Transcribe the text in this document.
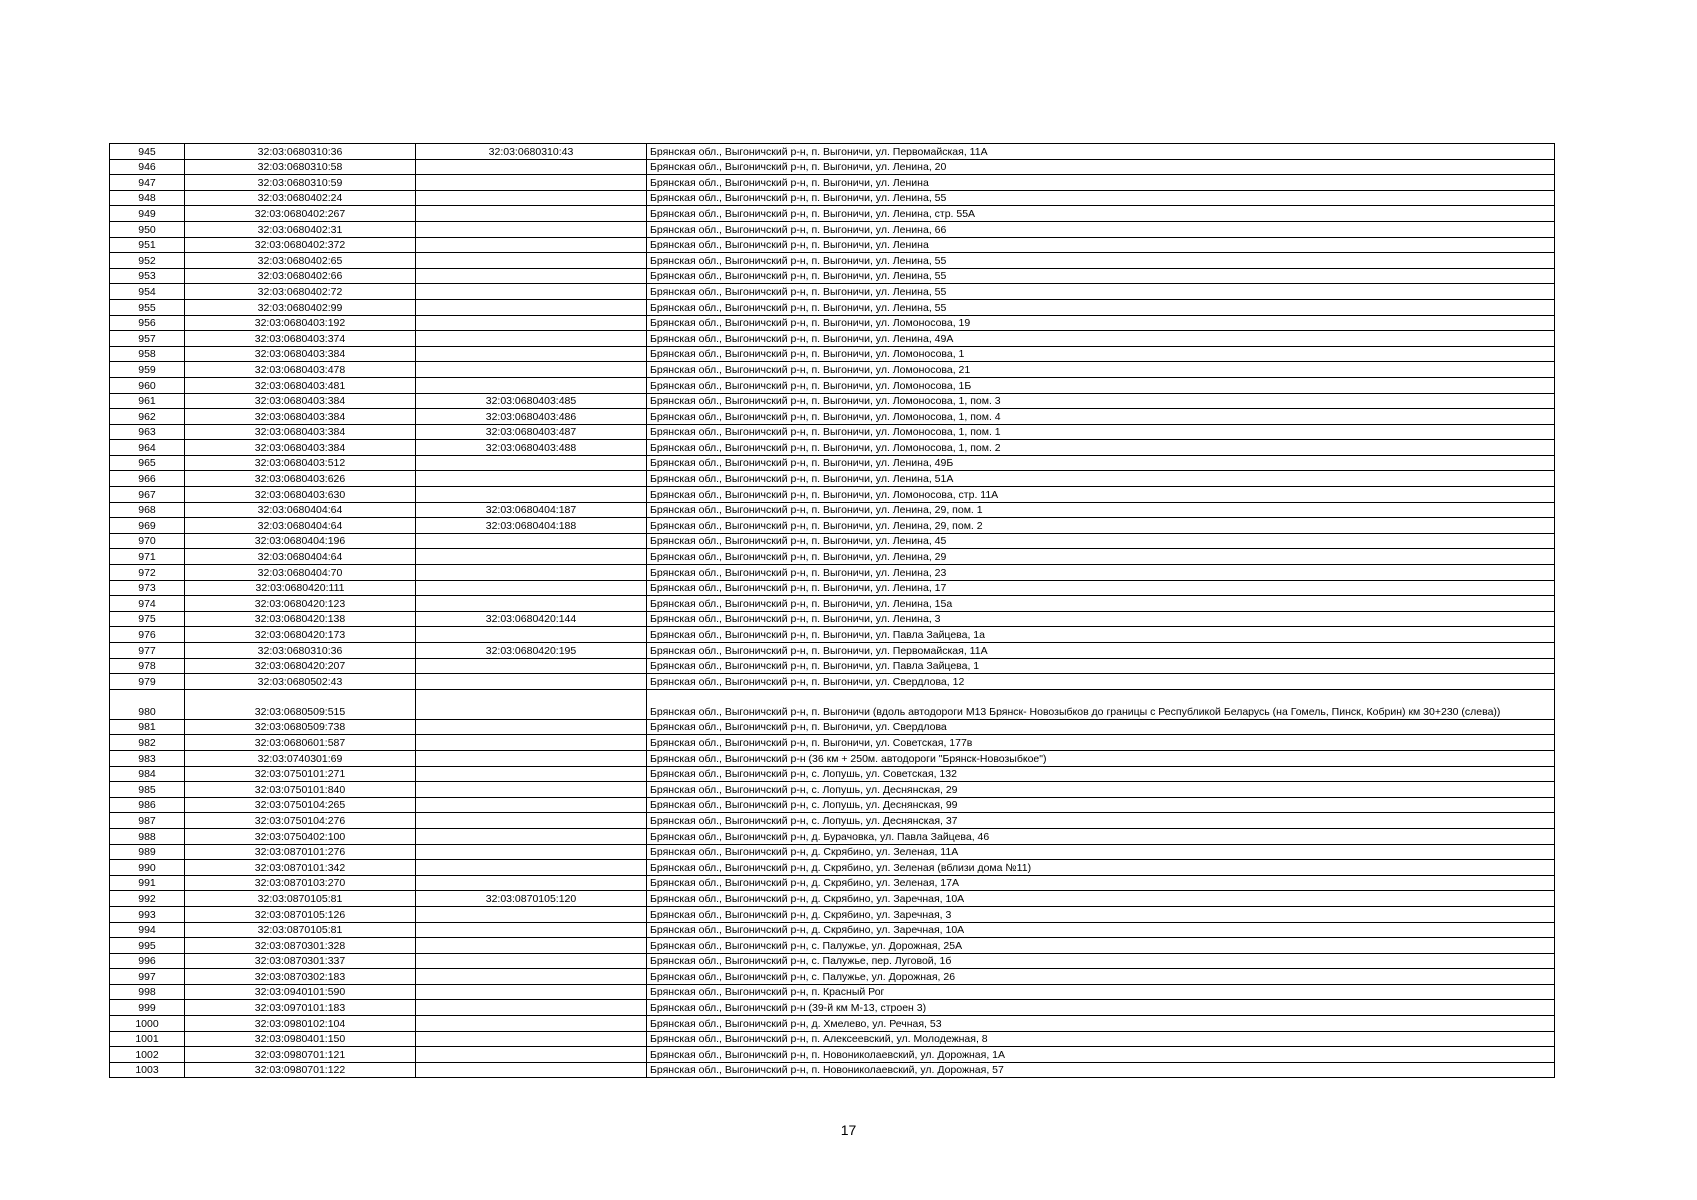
945	32:03:0680310:36	32:03:0680310:43	Брянская обл., Выгоничский р-н, п. Выгоничи, ул. Первомайская, 11А
946	32:03:0680310:58		Брянская обл., Выгоничский р-н, п. Выгоничи, ул. Ленина, 20
947	32:03:0680310:59		Брянская обл., Выгоничский р-н, п. Выгоничи, ул. Ленина
948	32:03:0680402:24		Брянская обл., Выгоничский р-н, п. Выгоничи, ул. Ленина, 55
949	32:03:0680402:267		Брянская обл., Выгоничский р-н, п. Выгоничи, ул. Ленина, стр. 55А
950	32:03:0680402:31		Брянская обл., Выгоничский р-н, п. Выгоничи, ул. Ленина, 66
951	32:03:0680402:372		Брянская обл., Выгоничский р-н, п. Выгоничи, ул. Ленина
952	32:03:0680402:65		Брянская обл., Выгоничский р-н, п. Выгоничи, ул. Ленина, 55
953	32:03:0680402:66		Брянская обл., Выгоничский р-н, п. Выгоничи, ул. Ленина, 55
954	32:03:0680402:72		Брянская обл., Выгоничский р-н, п. Выгоничи, ул. Ленина, 55
955	32:03:0680402:99		Брянская обл., Выгоничский р-н, п. Выгоничи, ул. Ленина, 55
956	32:03:0680403:192		Брянская обл., Выгоничский р-н, п. Выгоничи, ул. Ломоносова, 19
957	32:03:0680403:374		Брянская обл., Выгоничский р-н, п. Выгоничи, ул. Ленина, 49А
958	32:03:0680403:384		Брянская обл., Выгоничский р-н, п. Выгоничи, ул. Ломоносова, 1
959	32:03:0680403:478		Брянская обл., Выгоничский р-н, п. Выгоничи, ул. Ломоносова, 21
960	32:03:0680403:481		Брянская обл., Выгоничский р-н, п. Выгоничи, ул. Ломоносова, 1Б
961	32:03:0680403:384	32:03:0680403:485	Брянская обл., Выгоничский р-н, п. Выгоничи, ул. Ломоносова, 1, пом. 3
962	32:03:0680403:384	32:03:0680403:486	Брянская обл., Выгоничский р-н, п. Выгоничи, ул. Ломоносова, 1, пом. 4
963	32:03:0680403:384	32:03:0680403:487	Брянская обл., Выгоничский р-н, п. Выгоничи, ул. Ломоносова, 1, пом. 1
964	32:03:0680403:384	32:03:0680403:488	Брянская обл., Выгоничский р-н, п. Выгоничи, ул. Ломоносова, 1, пом. 2
965	32:03:0680403:512		Брянская обл., Выгоничский р-н, п. Выгоничи, ул. Ленина, 49Б
966	32:03:0680403:626		Брянская обл., Выгоничский р-н, п. Выгоничи, ул. Ленина, 51А
967	32:03:0680403:630		Брянская обл., Выгоничский р-н, п. Выгоничи, ул. Ломоносова, стр. 11А
968	32:03:0680404:64	32:03:0680404:187	Брянская обл., Выгоничский р-н, п. Выгоничи, ул. Ленина, 29, пом. 1
969	32:03:0680404:64	32:03:0680404:188	Брянская обл., Выгоничский р-н, п. Выгоничи, ул. Ленина, 29, пом. 2
970	32:03:0680404:196		Брянская обл., Выгоничский р-н, п. Выгоничи, ул. Ленина, 45
971	32:03:0680404:64		Брянская обл., Выгоничский р-н, п. Выгоничи, ул. Ленина, 29
972	32:03:0680404:70		Брянская обл., Выгоничский р-н, п. Выгоничи, ул. Ленина, 23
973	32:03:0680420:111		Брянская обл., Выгоничский р-н, п. Выгоничи, ул. Ленина, 17
974	32:03:0680420:123		Брянская обл., Выгоничский р-н, п. Выгоничи, ул. Ленина, 15а
975	32:03:0680420:138	32:03:0680420:144	Брянская обл., Выгоничский р-н, п. Выгоничи, ул. Ленина, 3
976	32:03:0680420:173		Брянская обл., Выгоничский р-н, п. Выгоничи, ул. Павла Зайцева, 1а
977	32:03:0680310:36	32:03:0680420:195	Брянская обл., Выгоничский р-н, п. Выгоничи, ул. Первомайская, 11А
978	32:03:0680420:207		Брянская обл., Выгоничский р-н, п. Выгоничи, ул. Павла Зайцева, 1
979	32:03:0680502:43		Брянская обл., Выгоничский р-н, п. Выгоничи, ул. Свердлова, 12
980	32:03:0680509:515		Брянская обл., Выгоничский р-н, п. Выгоничи (вдоль автодороги М13 Брянск- Новозыбков до границы с Республикой Беларусь (на Гомель, Пинск, Кобрин) км 30+230 (слева))
981	32:03:0680509:738		Брянская обл., Выгоничский р-н, п. Выгоничи, ул. Свердлова
982	32:03:0680601:587		Брянская обл., Выгоничский р-н, п. Выгоничи, ул. Советская, 177в
983	32:03:0740301:69		Брянская обл., Выгоничский р-н (36 км + 250м. автодороги "Брянск-Новозыбкое")
984	32:03:0750101:271		Брянская обл., Выгоничский р-н, с. Лопушь, ул. Советская, 132
985	32:03:0750101:840		Брянская обл., Выгоничский р-н, с. Лопушь, ул. Деснянская, 29
986	32:03:0750104:265		Брянская обл., Выгоничский р-н, с. Лопушь, ул. Деснянская, 99
987	32:03:0750104:276		Брянская обл., Выгоничский р-н, с. Лопушь, ул. Деснянская, 37
988	32:03:0750402:100		Брянская обл., Выгоничский р-н, д. Бурачовка, ул. Павла Зайцева, 46
989	32:03:0870101:276		Брянская обл., Выгоничский р-н, д. Скрябино, ул. Зеленая, 11А
990	32:03:0870101:342		Брянская обл., Выгоничский р-н, д. Скрябино, ул. Зеленая (вблизи дома №11)
991	32:03:0870103:270		Брянская обл., Выгоничский р-н, д. Скрябино, ул. Зеленая, 17А
992	32:03:0870105:81	32:03:0870105:120	Брянская обл., Выгоничский р-н, д. Скрябино, ул. Заречная, 10А
993	32:03:0870105:126		Брянская обл., Выгоничский р-н, д. Скрябино, ул. Заречная, 3
994	32:03:0870105:81		Брянская обл., Выгоничский р-н, д. Скрябино, ул. Заречная, 10А
995	32:03:0870301:328		Брянская обл., Выгоничский р-н, с. Палужье, ул. Дорожная, 25А
996	32:03:0870301:337		Брянская обл., Выгоничский р-н, с. Палужье, пер. Луговой, 1б
997	32:03:0870302:183		Брянская обл., Выгоничский р-н, с. Палужье, ул. Дорожная, 26
998	32:03:0940101:590		Брянская обл., Выгоничский р-н, п. Красный Рог
999	32:03:0970101:183		Брянская обл., Выгоничский р-н (39-й км М-13, строен 3)
1000	32:03:0980102:104		Брянская обл., Выгоничский р-н, д. Хмелево, ул. Речная, 53
1001	32:03:0980401:150		Брянская обл., Выгоничский р-н, п. Алексеевский, ул. Молодежная, 8
1002	32:03:0980701:121		Брянская обл., Выгоничский р-н, п. Новониколаевский, ул. Дорожная, 1А
1003	32:03:0980701:122		Брянская обл., Выгоничский р-н, п. Новониколаевский, ул. Дорожная, 57
17
